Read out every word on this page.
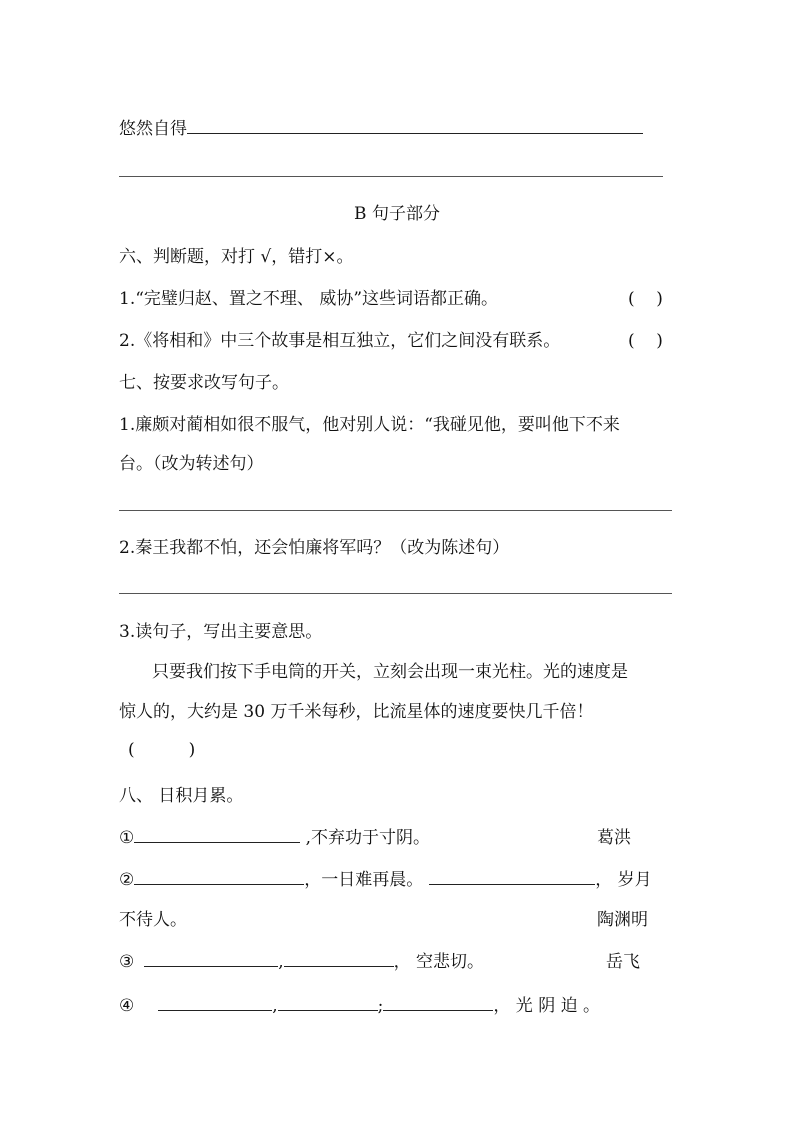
悠然自得
B 句子部分
六、判断题，对打 √，错打×。
1.“完璧归赵、置之不理、 威协”这些词语都正确。	(    )
2.《将相和》中三个故事是相互独立，它们之间没有联系。	(    )
七、按要求改写句子。
1.廉颇对蔺相如很不服气，他对别人说：“我碰见他，要叫他下不来
台。（改为转述句）
2.秦王我都不怕，还会怕廉将军吗？（改为陈述句）
3.读句子，写出主要意思。
只要我们按下手电筒的开关，立刻会出现一束光柱。光的速度是
惊人的，大约是 30 万千米每秒，比流星体的速度要快几千倍！
(          )
八、 日积月累。
①	,不弃功于寸阴。	葛洪
②	，一日难再晨。	， 岁月
不待人。	陶渊明
③	,	， 空悲切。	岳飞
④	,	;	， 光 阴 迫 。
